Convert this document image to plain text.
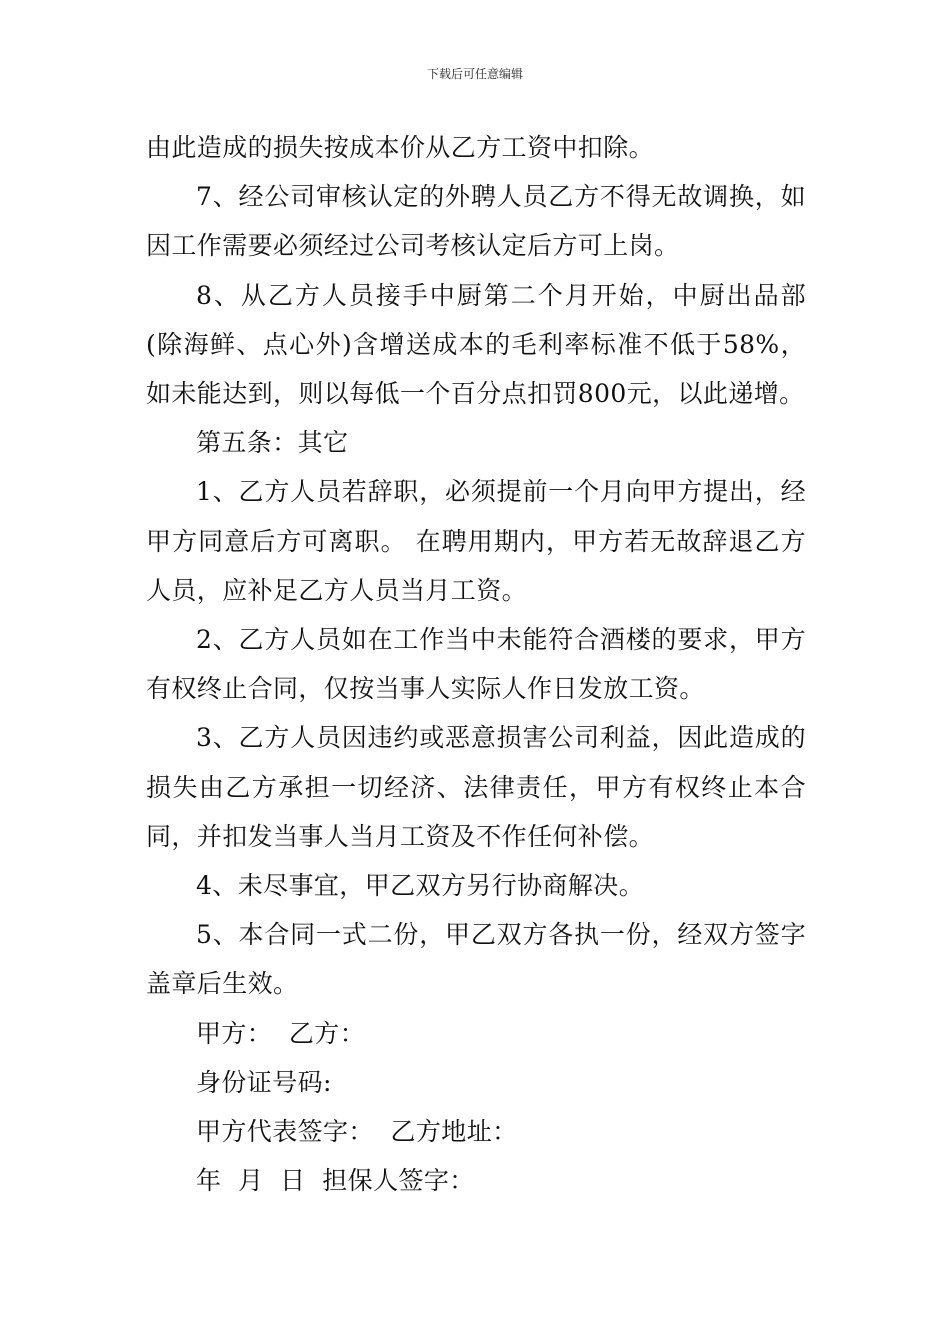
下载后可任意编辑

由此造成的损失按成本价从乙方工资中扣除。

7、经公司审核认定的外聘人员乙方不得无故调换，如因工作需要必须经过公司考核认定后方可上岗。

8、从乙方人员接手中厨第二个月开始，中厨出品部(除海鲜、点心外)含增送成本的毛利率标准不低于58%，如未能达到，则以每低一个百分点扣罚800元，以此递增。

第五条：其它

1、乙方人员若辞职，必须提前一个月向甲方提出，经甲方同意后方可离职。 在聘用期内，甲方若无故辞退乙方人员，应补足乙方人员当月工资。

2、乙方人员如在工作当中未能符合酒楼的要求，甲方有权终止合同，仅按当事人实际人作日发放工资。

3、乙方人员因违约或恶意损害公司利益，因此造成的损失由乙方承担一切经济、法律责任，甲方有权终止本合同，并扣发当事人当月工资及不作任何补偿。

4、未尽事宜，甲乙双方另行协商解决。

5、本合同一式二份，甲乙双方各执一份，经双方签字盖章后生效。

甲方：  乙方：

身份证号码:

甲方代表签字：  乙方地址：

年  月  日  担保人签字：
